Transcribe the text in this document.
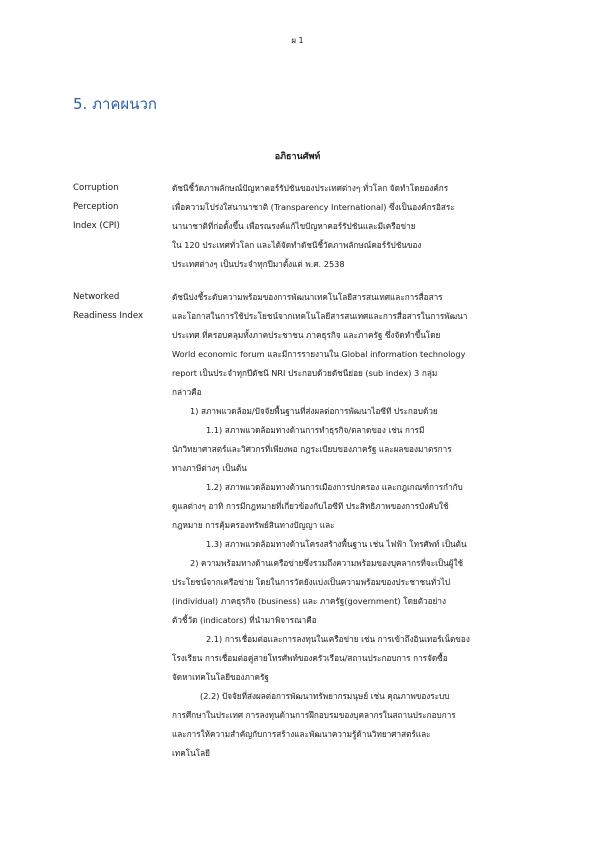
ผ 1
5. ภาคผนวก
อภิธานศัพท์
Corruption
Perception
Index (CPI)

ดัชนีชี้วัดภาพลักษณ์ปัญหาคอร์รัปชันของประเทศต่างๆ ทั่วโลก จัดทำโดยองค์กร

เพื่อความโปร่งใสนานาชาติ (Transparency International) ซึ่งเป็นองค์กรอิสระ

นานาชาติที่ก่อตั้งขึ้น เพื่อรณรงค์แก้ไขปัญหาคอร์รัปชันและมีเครือข่าย

ใน 120 ประเทศทั่วโลก และได้จัดทำดัชนีชี้วัดภาพลักษณ์คอร์รัปชันของ

ประเทศต่างๆ เป็นประจำทุกปีมาตั้งแต่ พ.ศ. 2538

Networked
Readiness Index

ดัชนีบ่งชี้ระดับความพร้อมของการพัฒนาเทคโนโลยีสารสนเทศและการสื่อสาร

และโอกาสในการใช้ประโยชน์จากเทคโนโลยีสารสนเทศและการสื่อสารในการพัฒนา

ประเทศ ที่ครอบคลุมทั้งภาคประชาชน ภาคธุรกิจ และภาครัฐ ซึ่งจัดทำขึ้นโดย

World economic forum และมีการรายงานใน Global information technology

report เป็นประจำทุกปีดัชนี NRI ประกอบด้วยดัชนีย่อย (sub index) 3 กลุ่ม

กล่าวคือ

1) สภาพแวดล้อม/ปัจจัยพื้นฐานที่ส่งผลต่อการพัฒนาไอซีที ประกอบด้วย

1.1) สภาพแวดล้อมทางด้านการทำธุรกิจ/ตลาดของ เช่น การมี

นักวิทยาศาสตร์และวิศวกรที่เพียงพอ กฎระเบียบของภาครัฐ และผลของมาตรการ

ทางภาษีต่างๆ เป็นต้น

1.2) สภาพแวดล้อมทางด้านการเมืองการปกครอง และกฎเกณฑ์การกำกับ

ดูแลต่างๆ อาทิ การมีกฎหมายที่เกี่ยวข้องกับไอซีที ประสิทธิภาพของการบังคับใช้

กฎหมาย การคุ้มครองทรัพย์สินทางปัญญา และ

1.3) สภาพแวดล้อมทางด้านโครงสร้างพื้นฐาน เช่น ไฟฟ้า โทรศัพท์ เป็นต้น

2) ความพร้อมทางด้านเครือข่ายซึ่งรวมถึงความพร้อมของบุคลากรที่จะเป็นผู้ใช้

ประโยชน์จากเครือข่าย โดยในการวัดยังแบ่งเป็นความพร้อมของประชาชนทั่วไป

(individual) ภาคธุรกิจ (business) และ ภาครัฐ(government) โดยตัวอย่าง

ตัวชี้วัด (indicators) ที่นำมาพิจารณาคือ

2.1) การเชื่อมต่อและการลงทุนในเครือข่าย เช่น การเข้าถึงอินเทอร์เน็ตของ

โรงเรียน การเชื่อมต่อคู่สายโทรศัพท์ของครัวเรือน/สถานประกอบการ การจัดซื้อ

จัดหาเทคโนโลยีของภาครัฐ

(2.2) ปัจจัยที่ส่งผลต่อการพัฒนาทรัพยากรมนุษย์ เช่น คุณภาพของระบบ

การศึกษาในประเทศ การลงทุนด้านการฝึกอบรมของบุคลากรในสถานประกอบการ

และการให้ความสำคัญกับการสร้างและพัฒนาความรู้ด้านวิทยาศาสตร์และ

เทคโนโลยี
